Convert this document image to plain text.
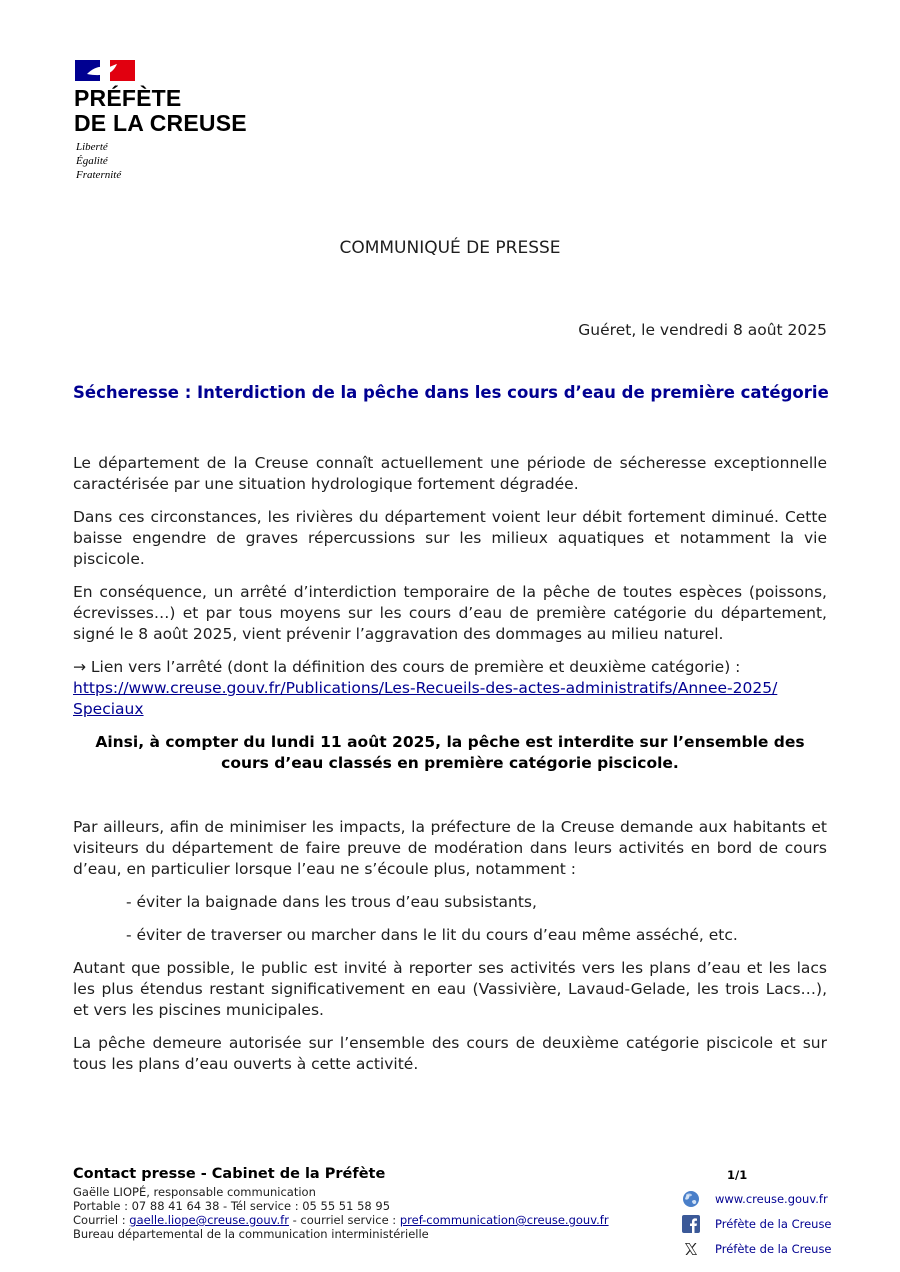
PRÉFÈTE
DE LA CREUSE
Liberté
Égalité
Fraternité
COMMUNIQUÉ DE PRESSE
Guéret, le vendredi 8 août 2025
Sécheresse : Interdiction de la pêche dans les cours d’eau de première catégorie

Le département de la Creuse connaît actuellement une période de sécheresse exceptionnelle caractérisée par une situation hydrologique fortement dégradée.

Dans ces circonstances, les rivières du département voient leur débit fortement diminué. Cette baisse engendre de graves répercussions sur les milieux aquatiques et notamment la vie piscicole.

En conséquence, un arrêté d’interdiction temporaire de la pêche de toutes espèces (poissons, écrevisses…) et par tous moyens sur les cours d’eau de première catégorie du département, signé le 8 août 2025, vient prévenir l’aggravation des dommages au milieu naturel.

→ Lien vers l’arrêté (dont la définition des cours de première et deuxième catégorie) :
https://www.creuse.gouv.fr/Publications/Les-Recueils-des-actes-administratifs/Annee-2025/
Speciaux

Ainsi, à compter du lundi 11 août 2025, la pêche est interdite sur l’ensemble des cours d’eau classés en première catégorie piscicole.

Par ailleurs, afin de minimiser les impacts, la préfecture de la Creuse demande aux habitants et visiteurs du département de faire preuve de modération dans leurs activités en bord de cours d’eau, en particulier lorsque l’eau ne s’écoule plus, notamment :

- éviter la baignade dans les trous d’eau subsistants,

- éviter de traverser ou marcher dans le lit du cours d’eau même asséché, etc.

Autant que possible, le public est invité à reporter ses activités vers les plans d’eau et les lacs les plus étendus restant significativement en eau (Vassivière, Lavaud-Gelade, les trois Lacs…), et vers les piscines municipales.

La pêche demeure autorisée sur l’ensemble des cours de deuxième catégorie piscicole et sur tous les plans d’eau ouverts à cette activité.

Contact presse - Cabinet de la Préfète
Gaëlle LIOPÉ, responsable communication
Portable : 07 88 41 64 38 - Tél service : 05 55 51 58 95
Courriel : gaelle.liope@creuse.gouv.fr - courriel service : pref-communication@creuse.gouv.fr
Bureau départemental de la communication interministérielle
1/1
www.creuse.gouv.fr
Préfète de la Creuse
Préfète de la Creuse
